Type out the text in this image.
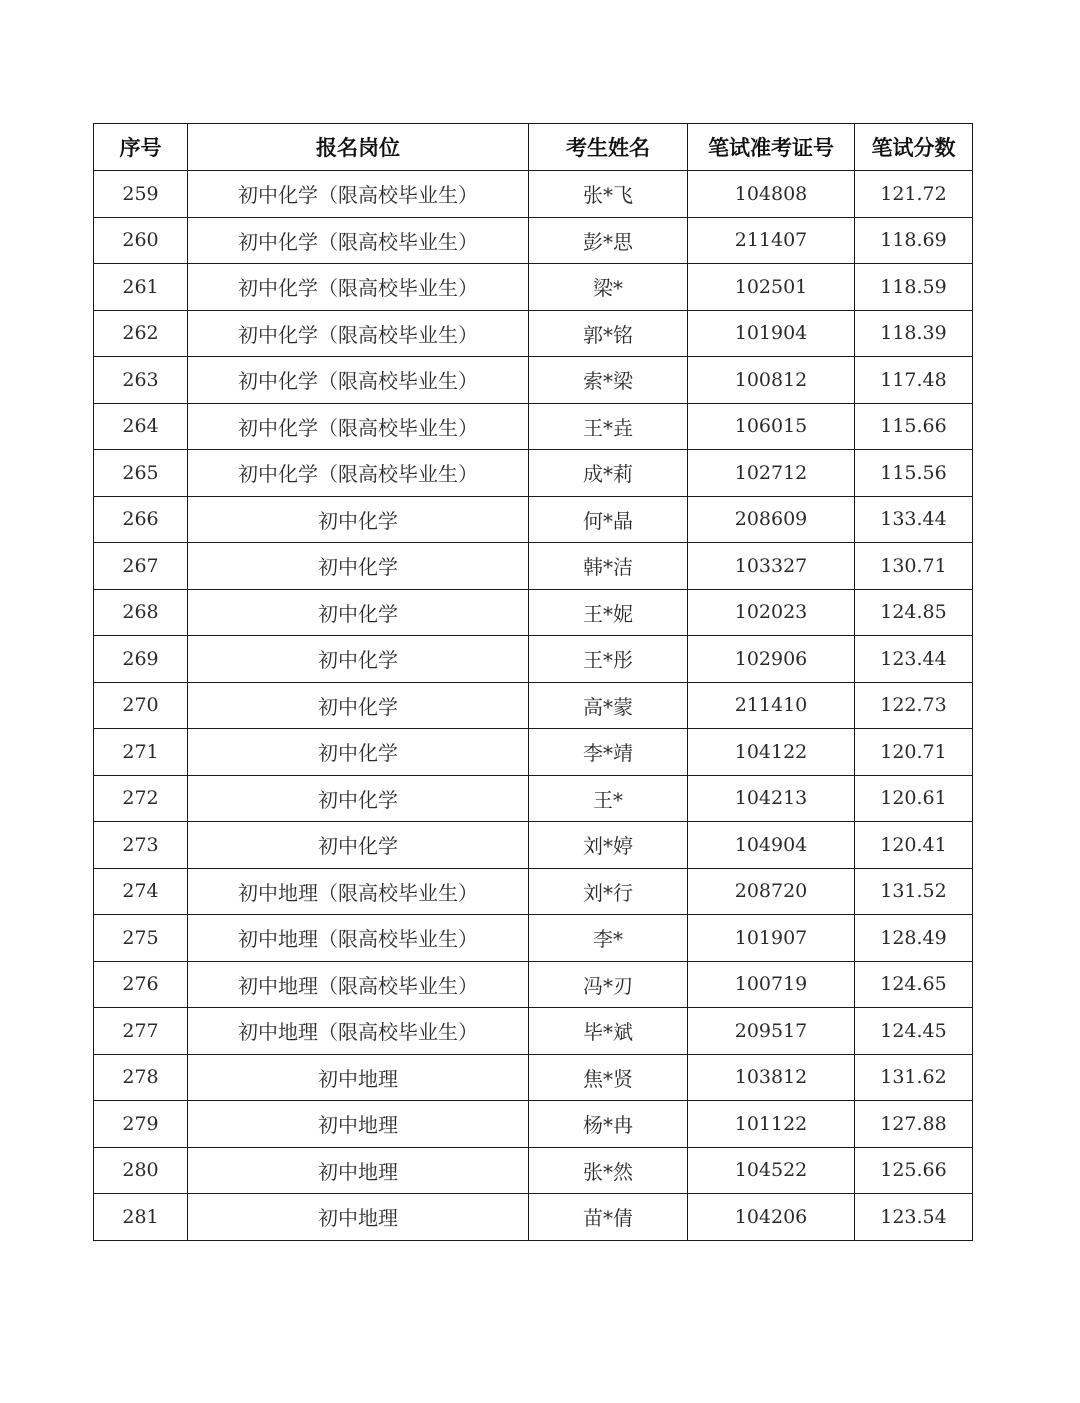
序号	报名岗位	考生姓名	笔试准考证号	笔试分数
259	初中化学（限高校毕业生）	张*飞	104808	121.72
260	初中化学（限高校毕业生）	彭*思	211407	118.69
261	初中化学（限高校毕业生）	梁*	102501	118.59
262	初中化学（限高校毕业生）	郭*铭	101904	118.39
263	初中化学（限高校毕业生）	索*梁	100812	117.48
264	初中化学（限高校毕业生）	王*垚	106015	115.66
265	初中化学（限高校毕业生）	成*莉	102712	115.56
266	初中化学	何*晶	208609	133.44
267	初中化学	韩*洁	103327	130.71
268	初中化学	王*妮	102023	124.85
269	初中化学	王*彤	102906	123.44
270	初中化学	高*蒙	211410	122.73
271	初中化学	李*靖	104122	120.71
272	初中化学	王*	104213	120.61
273	初中化学	刘*婷	104904	120.41
274	初中地理（限高校毕业生）	刘*行	208720	131.52
275	初中地理（限高校毕业生）	李*	101907	128.49
276	初中地理（限高校毕业生）	冯*刃	100719	124.65
277	初中地理（限高校毕业生）	毕*斌	209517	124.45
278	初中地理	焦*贤	103812	131.62
279	初中地理	杨*冉	101122	127.88
280	初中地理	张*然	104522	125.66
281	初中地理	苗*倩	104206	123.54
